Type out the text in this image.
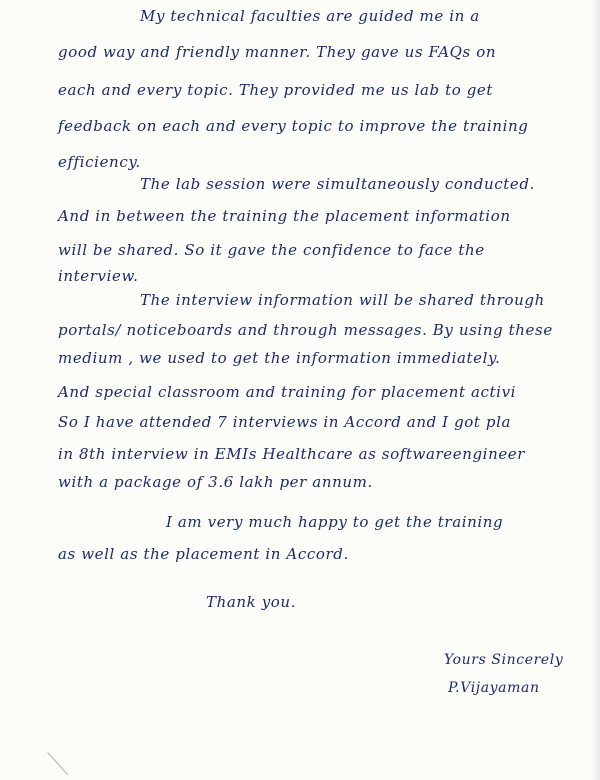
My technical faculties are guided me in a
good way and friendly manner. They gave us FAQs on
each and every topic. They provided me us lab to get
feedback on each and every topic to improve the training
efficiency.
The lab session were simultaneously conducted.
And in between the training the placement information
will be shared. So it gave the confidence to face the
interview.
The interview information will be shared through
portals/ noticeboards and through messages. By using these
medium , we used to get the information immediately.
And special classroom and training for placement activi
So I have attended 7 interviews in Accord and I got pla
in 8th interview in EMIs Healthcare as softwareengineer
with a package of 3.6 lakh per annum.
I am very much happy to get the training
as well as the placement in Accord.
Thank you.
Yours Sincerely
P.Vijayaman
